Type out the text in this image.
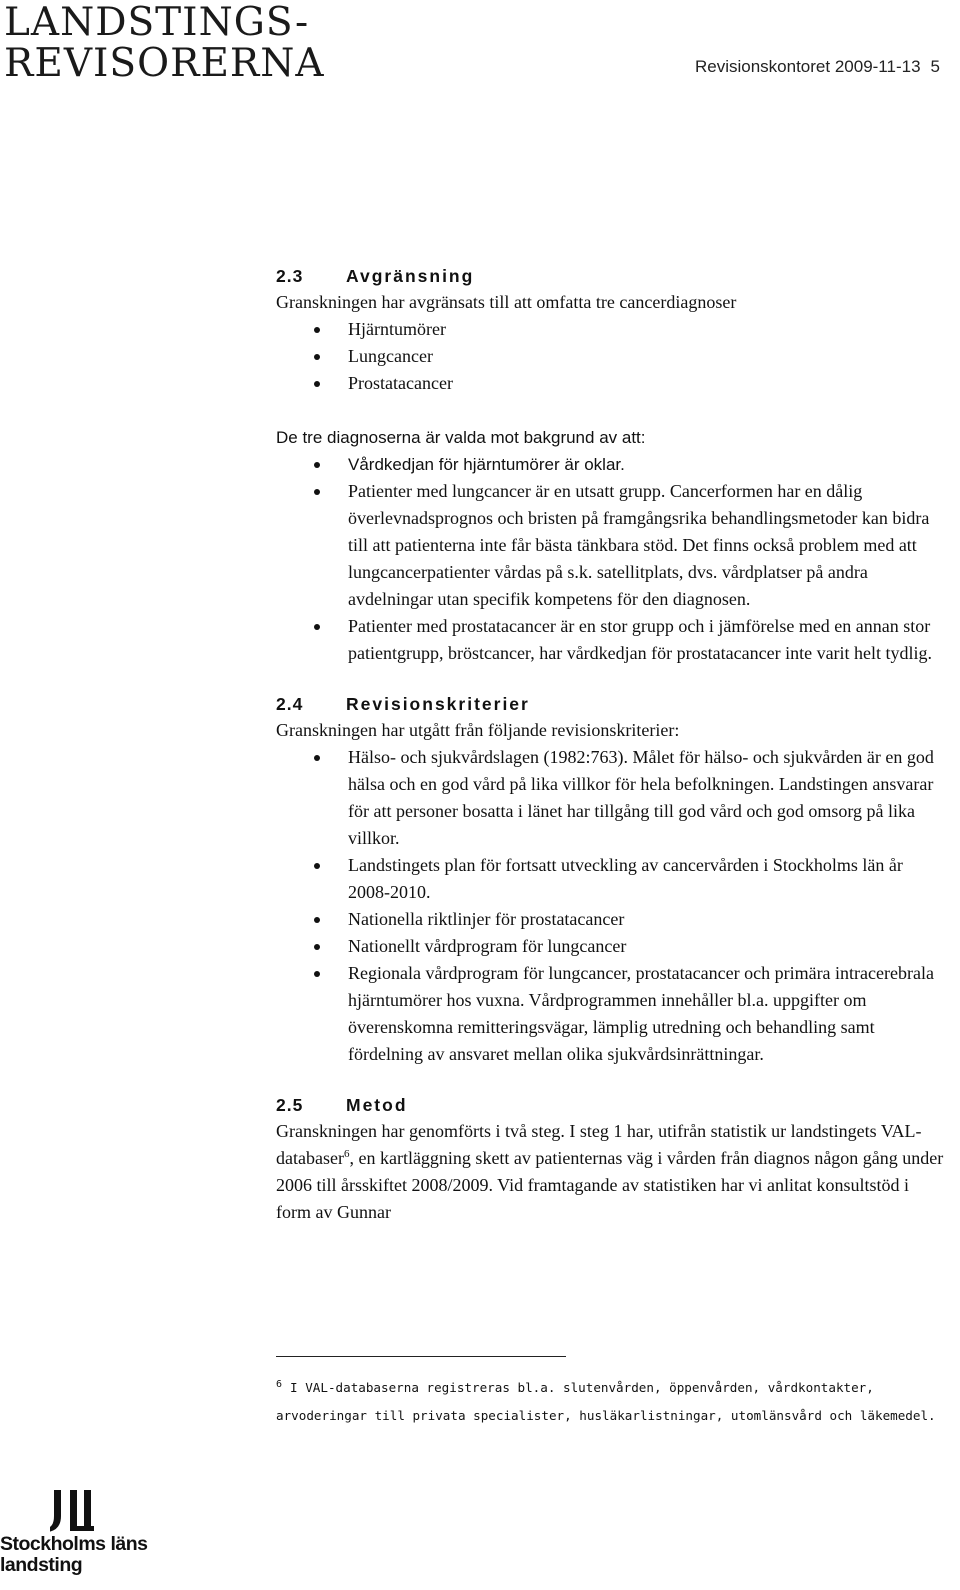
LANDSTINGS-
REVISORERNA	Revisionskontoret 2009-11-13 5
2.3	Avgränsning

Granskningen har avgränsats till att omfatta tre cancerdiagnoser

Hjärntumörer
Lungcancer
Prostatacancer

De tre diagnoserna är valda mot bakgrund av att:

Vårdkedjan för hjärntumörer är oklar.
Patienter med lungcancer är en utsatt grupp. Cancerformen har en dålig överlevnadsprognos och bristen på framgångsrika behandlingsmetoder kan bidra till att patienterna inte får bästa tänkbara stöd. Det finns också problem med att lungcancerpatienter vårdas på s.k. satellitplats, dvs. vårdplatser på andra avdelningar utan specifik kompetens för den diagnosen.
Patienter med prostatacancer är en stor grupp och i jämförelse med en annan stor patientgrupp, bröstcancer, har vårdkedjan för prostatacancer inte varit helt tydlig.
2.4	Revisionskriterier

Granskningen har utgått från följande revisionskriterier:

Hälso- och sjukvårdslagen (1982:763). Målet för hälso- och sjukvården är en god hälsa och en god vård på lika villkor för hela befolkningen. Landstingen ansvarar för att personer bosatta i länet har tillgång till god vård och god omsorg på lika villkor.
Landstingets plan för fortsatt utveckling av cancervården i Stockholms län år 2008-2010.
Nationella riktlinjer för prostatacancer
Nationellt vårdprogram för lungcancer
Regionala vårdprogram för lungcancer, prostatacancer och primära intracerebrala hjärntumörer hos vuxna. Vårdprogrammen innehåller bl.a. uppgifter om överenskomna remitteringsvägar, lämplig utredning och behandling samt fördelning av ansvaret mellan olika sjukvårdsinrättningar.
2.5	Metod

Granskningen har genomförts i två steg. I steg 1 har, utifrån statistik ur landstingets VAL-databaser$^6$, en kartläggning skett av patienternas väg i vården från diagnos någon gång under 2006 till årsskiftet 2008/2009. Vid framtagande av statistiken har vi anlitat konsultstöd i form av Gunnar

$^6$ I VAL-databaserna registreras bl.a. slutenvården, öppenvården, vårdkontakter, arvoderingar till privata specialister, husläkarlistningar, utomlänsvård och läkemedel.
Stockholms läns
landsting
